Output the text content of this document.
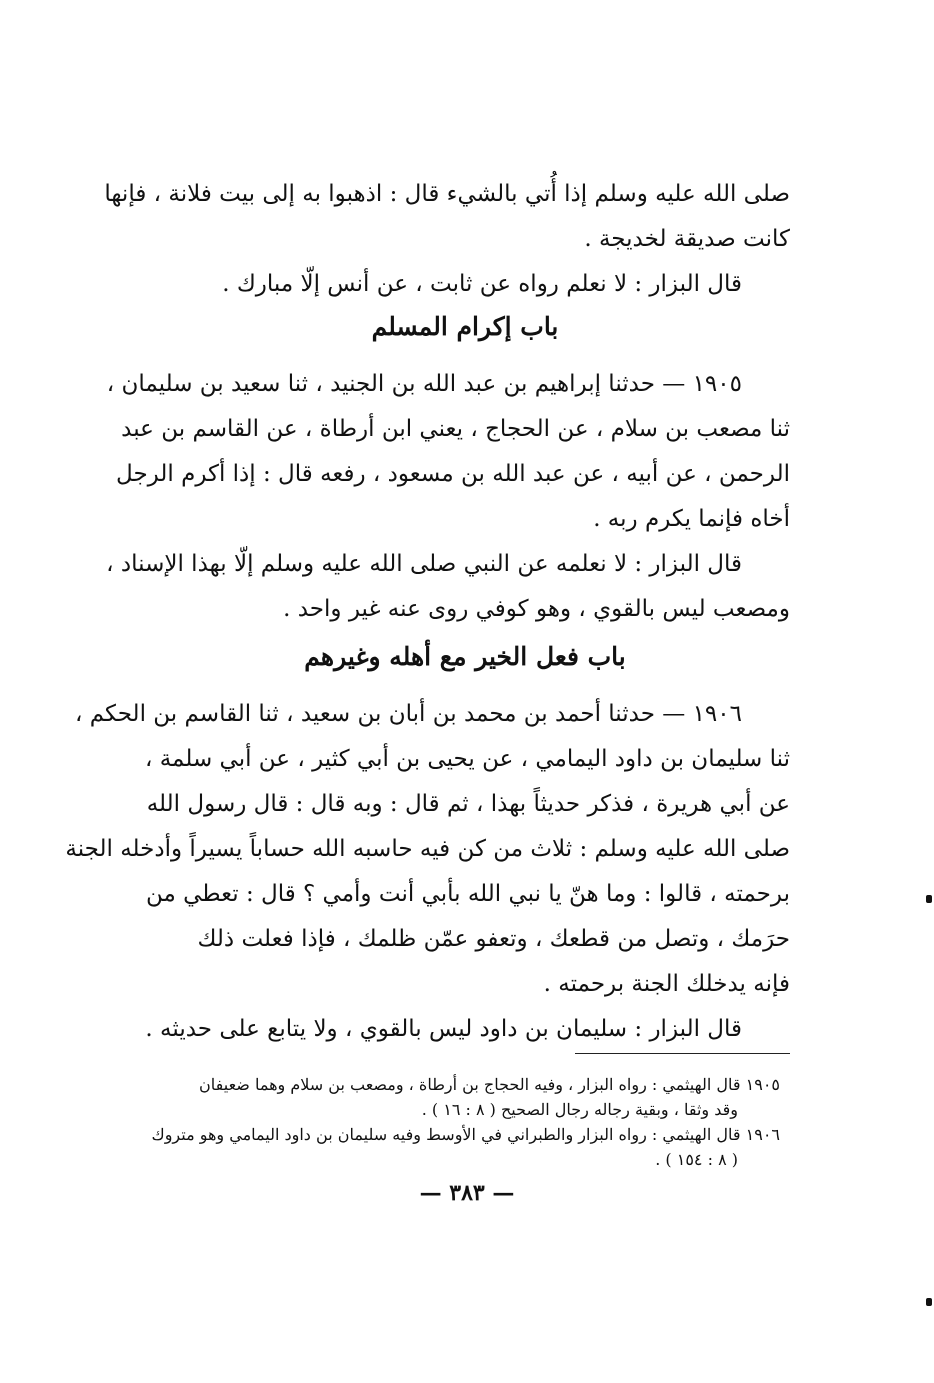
صلى الله عليه وسلم إذا أُتي بالشيء قال : اذهبوا به إلى بيت فلانة ، فإنها
كانت صديقة لخديجة .
قال البزار : لا نعلم رواه عن ثابت ، عن أنس إلّا مبارك .
باب إكرام المسلم
١٩٠٥ — حدثنا إبراهيم بن عبد الله بن الجنيد ، ثنا سعيد بن سليمان ،
ثنا مصعب بن سلام ، عن الحجاج ، يعني ابن أرطاة ، عن القاسم بن عبد
الرحمن ، عن أبيه ، عن عبد الله بن مسعود ، رفعه قال : إذا أكرم الرجل
أخاه فإنما يكرم ربه .
قال البزار : لا نعلمه عن النبي صلى الله عليه وسلم إلّا بهذا الإسناد ،
ومصعب ليس بالقوي ، وهو كوفي روى عنه غير واحد .
باب فعل الخير مع أهله وغيرهم
١٩٠٦ — حدثنا أحمد بن محمد بن أبان بن سعيد ، ثنا القاسم بن الحكم ،
ثنا سليمان بن داود اليمامي ، عن يحيى بن أبي كثير ، عن أبي سلمة ،
عن أبي هريرة ، فذكر حديثاً بهذا ، ثم قال : وبه قال : قال رسول الله
صلى الله عليه وسلم : ثلاث من كن فيه حاسبه الله حساباً يسيراً وأدخله الجنة
برحمته ، قالوا : وما هنّ يا نبي الله بأبي أنت وأمي ؟ قال : تعطي من
حرَمك ، وتصل من قطعك ، وتعفو عمّن ظلمك ، فإذا فعلت ذلك
فإنه يدخلك الجنة برحمته .
قال البزار : سليمان بن داود ليس بالقوي ، ولا يتابع على حديثه .
١٩٠٥ قال الهيثمي : رواه البزار ، وفيه الحجاج بن أرطاة ، ومصعب بن سلام وهما ضعيفان
وقد وثقا ، وبقية رجاله رجال الصحيح ( ٨ : ١٦ ) .
١٩٠٦ قال الهيثمي : رواه البزار والطبراني في الأوسط وفيه سليمان بن داود اليمامي وهو متروك
( ٨ : ١٥٤ ) .
— ٣٨٣ —
